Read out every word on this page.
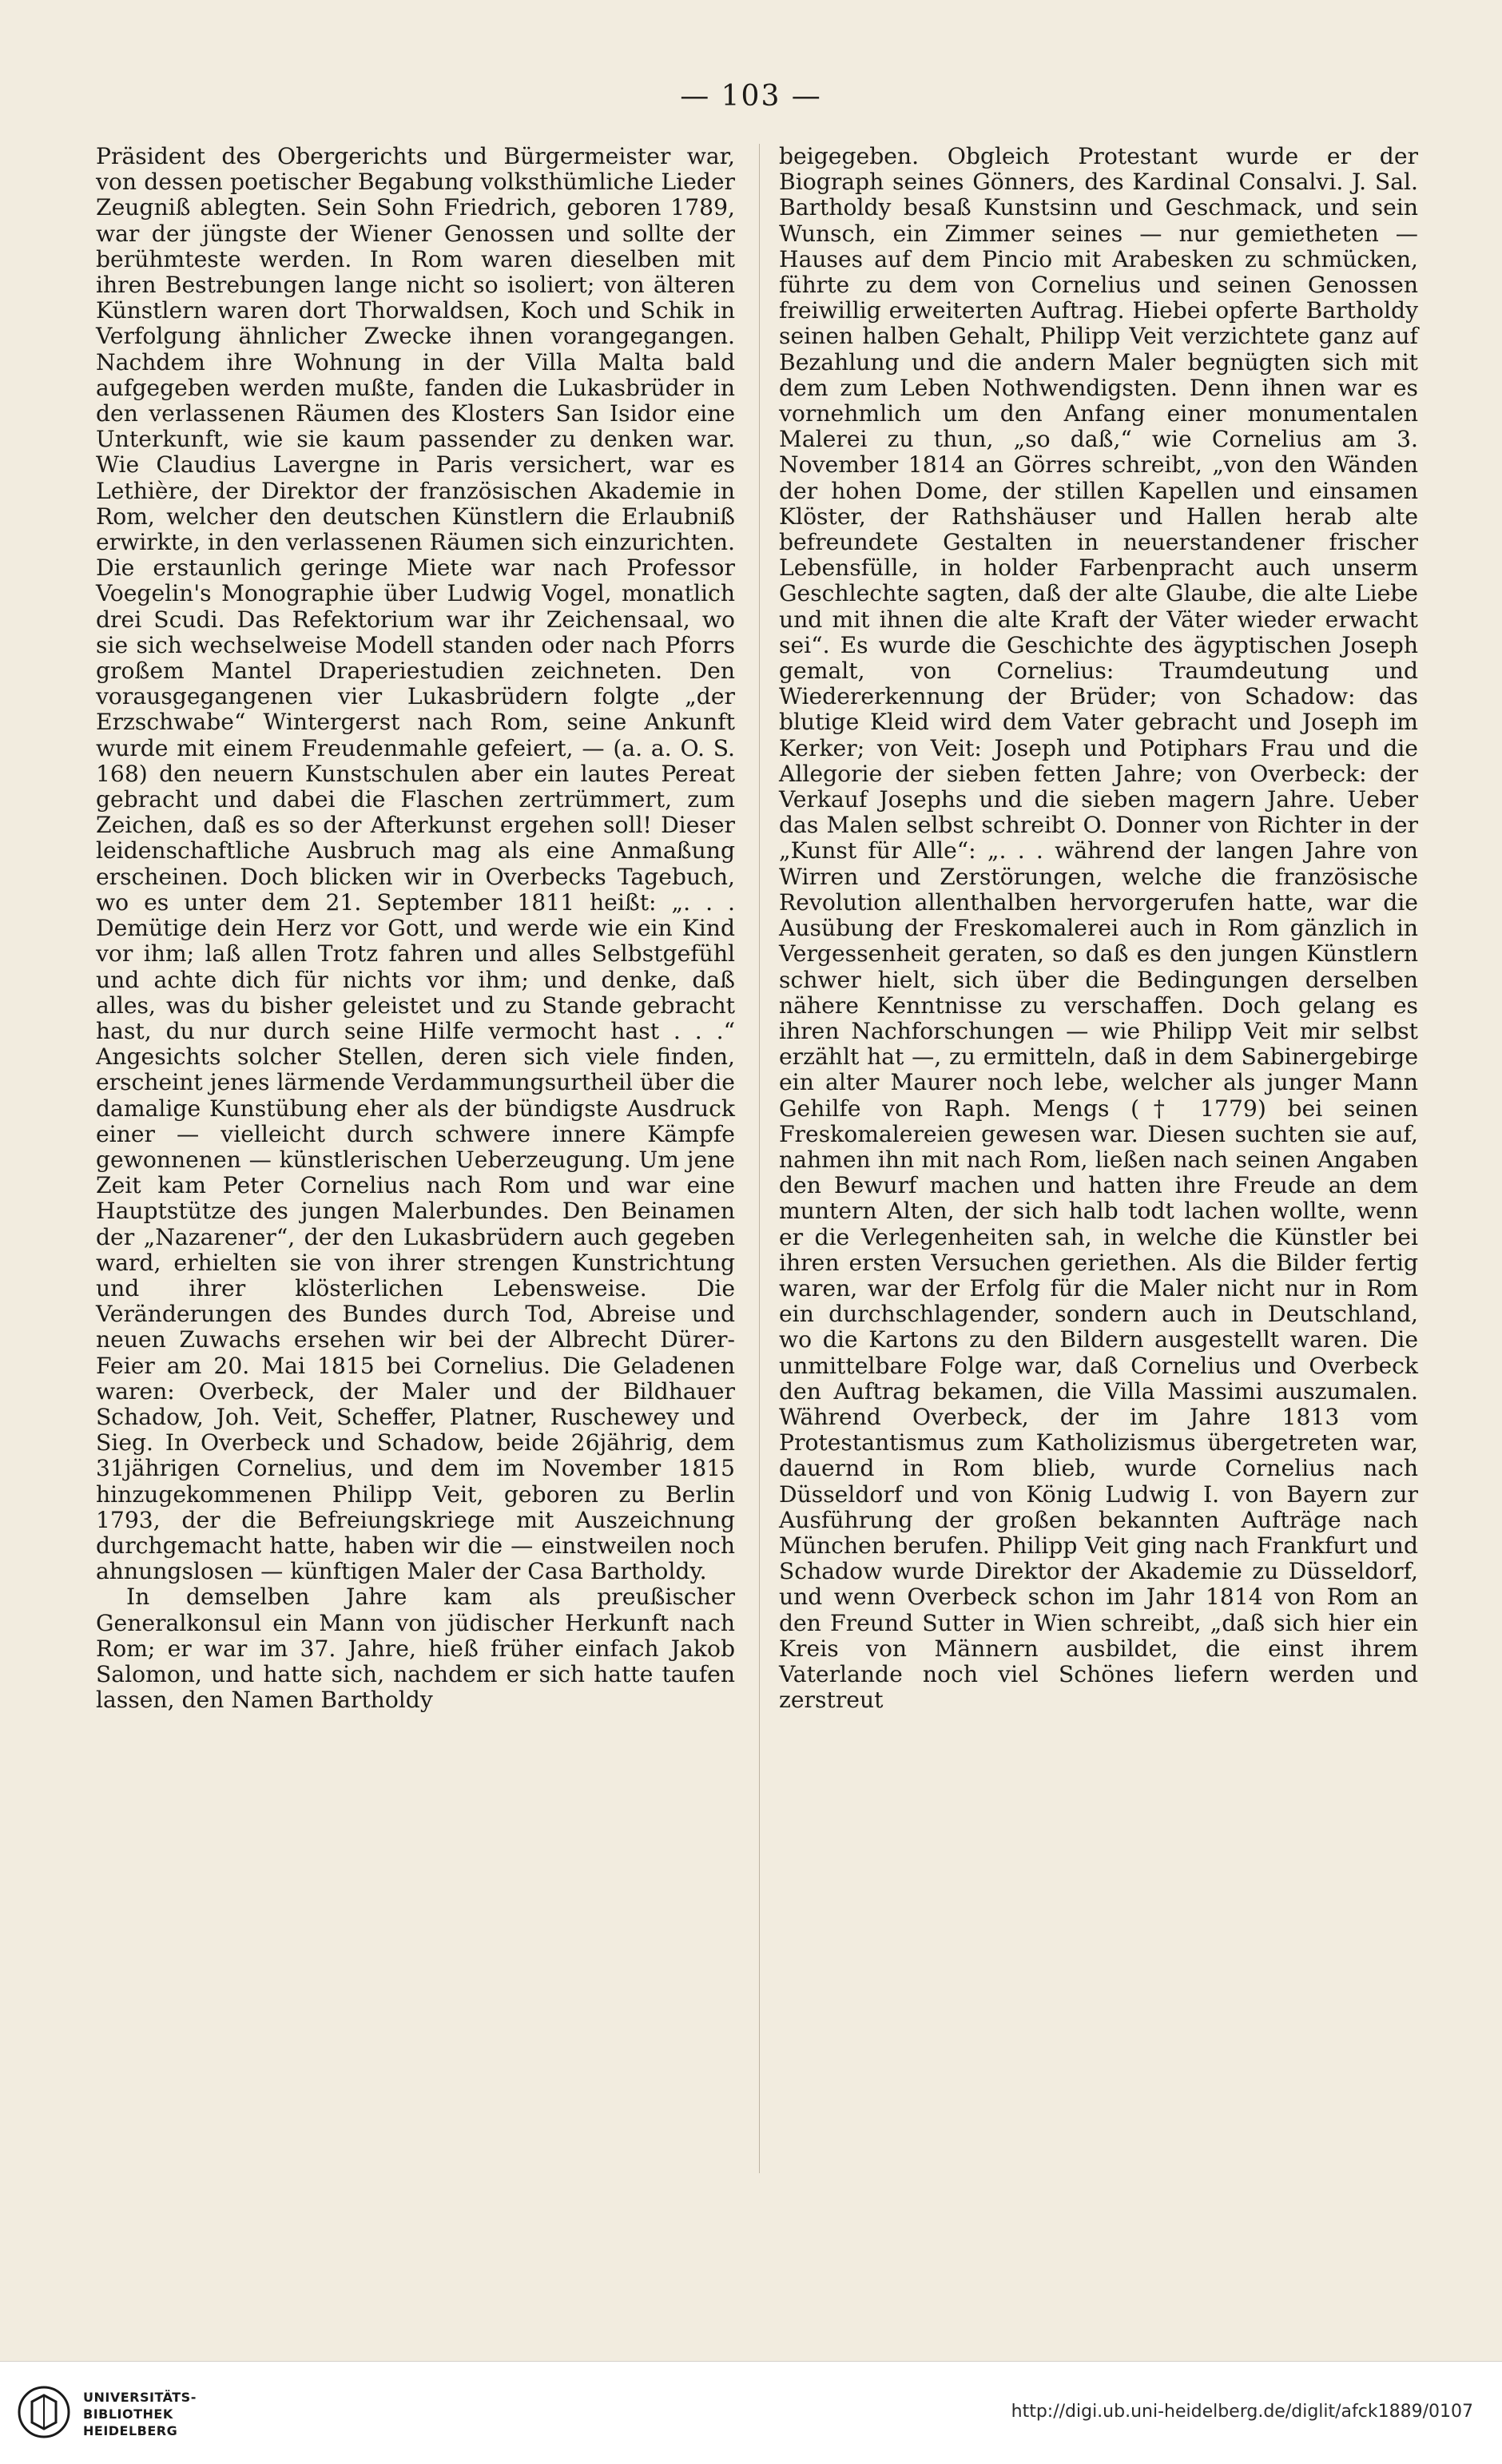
— 103 —

Präsident des Obergerichts und Bürgermeister war, von dessen poetischer Begabung volksthümliche Lieder Zeugniß ablegten. Sein Sohn Friedrich, geboren 1789, war der jüngste der Wiener Genossen und sollte der berühmteste werden. In Rom waren dieselben mit ihren Bestrebungen lange nicht so isoliert; von älteren Künstlern waren dort Thorwaldsen, Koch und Schik in Verfolgung ähnlicher Zwecke ihnen vorangegangen. Nachdem ihre Wohnung in der Villa Malta bald aufgegeben werden mußte, fanden die Lukasbrüder in den verlassenen Räumen des Klosters San Isidor eine Unterkunft, wie sie kaum passender zu denken war. Wie Claudius Lavergne in Paris versichert, war es Lethière, der Direktor der französischen Akademie in Rom, welcher den deutschen Künstlern die Erlaubniß erwirkte, in den verlassenen Räumen sich einzurichten. Die erstaunlich geringe Miete war nach Professor Voegelin's Monographie über Ludwig Vogel, monatlich drei Scudi. Das Refektorium war ihr Zeichensaal, wo sie sich wechselweise Modell standen oder nach Pforrs großem Mantel Draperiestudien zeichneten. Den vorausgegangenen vier Lukasbrüdern folgte „der Erzschwabe“ Wintergerst nach Rom, seine Ankunft wurde mit einem Freudenmahle gefeiert, — (a. a. O. S. 168) den neuern Kunstschulen aber ein lautes Pereat gebracht und dabei die Flaschen zertrümmert, zum Zeichen, daß es so der Afterkunst ergehen soll! Dieser leidenschaftliche Ausbruch mag als eine Anmaßung erscheinen. Doch blicken wir in Overbecks Tagebuch, wo es unter dem 21. September 1811 heißt: „. . . Demütige dein Herz vor Gott, und werde wie ein Kind vor ihm; laß allen Trotz fahren und alles Selbstgefühl und achte dich für nichts vor ihm; und denke, daß alles, was du bisher geleistet und zu Stande gebracht hast, du nur durch seine Hilfe vermocht hast . . .“ Angesichts solcher Stellen, deren sich viele finden, erscheint jenes lärmende Verdammungsurtheil über die damalige Kunstübung eher als der bündigste Ausdruck einer — vielleicht durch schwere innere Kämpfe gewonnenen — künstlerischen Ueberzeugung. Um jene Zeit kam Peter Cornelius nach Rom und war eine Hauptstütze des jungen Malerbundes. Den Beinamen der „Nazarener“, der den Lukasbrüdern auch gegeben ward, erhielten sie von ihrer strengen Kunstrichtung und ihrer klösterlichen Lebensweise. Die Veränderungen des Bundes durch Tod, Abreise und neuen Zuwachs ersehen wir bei der Albrecht Dürer-Feier am 20. Mai 1815 bei Cornelius. Die Geladenen waren: Overbeck, der Maler und der Bildhauer Schadow, Joh. Veit, Scheffer, Platner, Ruschewey und Sieg. In Overbeck und Schadow, beide 26jährig, dem 31jährigen Cornelius, und dem im November 1815 hinzugekommenen Philipp Veit, geboren zu Berlin 1793, der die Befreiungskriege mit Auszeichnung durchgemacht hatte, haben wir die — einstweilen noch ahnungslosen — künftigen Maler der Casa Bartholdy.

In demselben Jahre kam als preußischer Generalkonsul ein Mann von jüdischer Herkunft nach Rom; er war im 37. Jahre, hieß früher einfach Jakob Salomon, und hatte sich, nachdem er sich hatte taufen lassen, den Namen Bartholdy

beigegeben. Obgleich Protestant wurde er der Biograph seines Gönners, des Kardinal Consalvi. J. Sal. Bartholdy besaß Kunstsinn und Geschmack, und sein Wunsch, ein Zimmer seines — nur gemietheten — Hauses auf dem Pincio mit Arabesken zu schmücken, führte zu dem von Cornelius und seinen Genossen freiwillig erweiterten Auftrag. Hiebei opferte Bartholdy seinen halben Gehalt, Philipp Veit verzichtete ganz auf Bezahlung und die andern Maler begnügten sich mit dem zum Leben Nothwendigsten. Denn ihnen war es vornehmlich um den Anfang einer monumentalen Malerei zu thun, „so daß,“ wie Cornelius am 3. November 1814 an Görres schreibt, „von den Wänden der hohen Dome, der stillen Kapellen und einsamen Klöster, der Rathshäuser und Hallen herab alte befreundete Gestalten in neuerstandener frischer Lebensfülle, in holder Farbenpracht auch unserm Geschlechte sagten, daß der alte Glaube, die alte Liebe und mit ihnen die alte Kraft der Väter wieder erwacht sei“. Es wurde die Geschichte des ägyptischen Joseph gemalt, von Cornelius: Traumdeutung und Wiedererkennung der Brüder; von Schadow: das blutige Kleid wird dem Vater gebracht und Joseph im Kerker; von Veit: Joseph und Potiphars Frau und die Allegorie der sieben fetten Jahre; von Overbeck: der Verkauf Josephs und die sieben magern Jahre. Ueber das Malen selbst schreibt O. Donner von Richter in der „Kunst für Alle“: „. . . während der langen Jahre von Wirren und Zerstörungen, welche die französische Revolution allenthalben hervorgerufen hatte, war die Ausübung der Freskomalerei auch in Rom gänzlich in Vergessenheit geraten, so daß es den jungen Künstlern schwer hielt, sich über die Bedingungen derselben nähere Kenntnisse zu verschaffen. Doch gelang es ihren Nachforschungen — wie Philipp Veit mir selbst erzählt hat —, zu ermitteln, daß in dem Sabinergebirge ein alter Maurer noch lebe, welcher als junger Mann Gehilfe von Raph. Mengs († 1779) bei seinen Freskomalereien gewesen war. Diesen suchten sie auf, nahmen ihn mit nach Rom, ließen nach seinen Angaben den Bewurf machen und hatten ihre Freude an dem muntern Alten, der sich halb todt lachen wollte, wenn er die Verlegenheiten sah, in welche die Künstler bei ihren ersten Versuchen geriethen. Als die Bilder fertig waren, war der Erfolg für die Maler nicht nur in Rom ein durchschlagender, sondern auch in Deutschland, wo die Kartons zu den Bildern ausgestellt waren. Die unmittelbare Folge war, daß Cornelius und Overbeck den Auftrag bekamen, die Villa Massimi auszumalen. Während Overbeck, der im Jahre 1813 vom Protestantismus zum Katholizismus übergetreten war, dauernd in Rom blieb, wurde Cornelius nach Düsseldorf und von König Ludwig I. von Bayern zur Ausführung der großen bekannten Aufträge nach München berufen. Philipp Veit ging nach Frankfurt und Schadow wurde Direktor der Akademie zu Düsseldorf, und wenn Overbeck schon im Jahr 1814 von Rom an den Freund Sutter in Wien schreibt, „daß sich hier ein Kreis von Männern ausbildet, die einst ihrem Vaterlande noch viel Schönes liefern werden und zerstreut

UNIVERSITÄTS-
BIBLIOTHEK
HEIDELBERG
http://digi.ub.uni-heidelberg.de/diglit/afck1889/0107
